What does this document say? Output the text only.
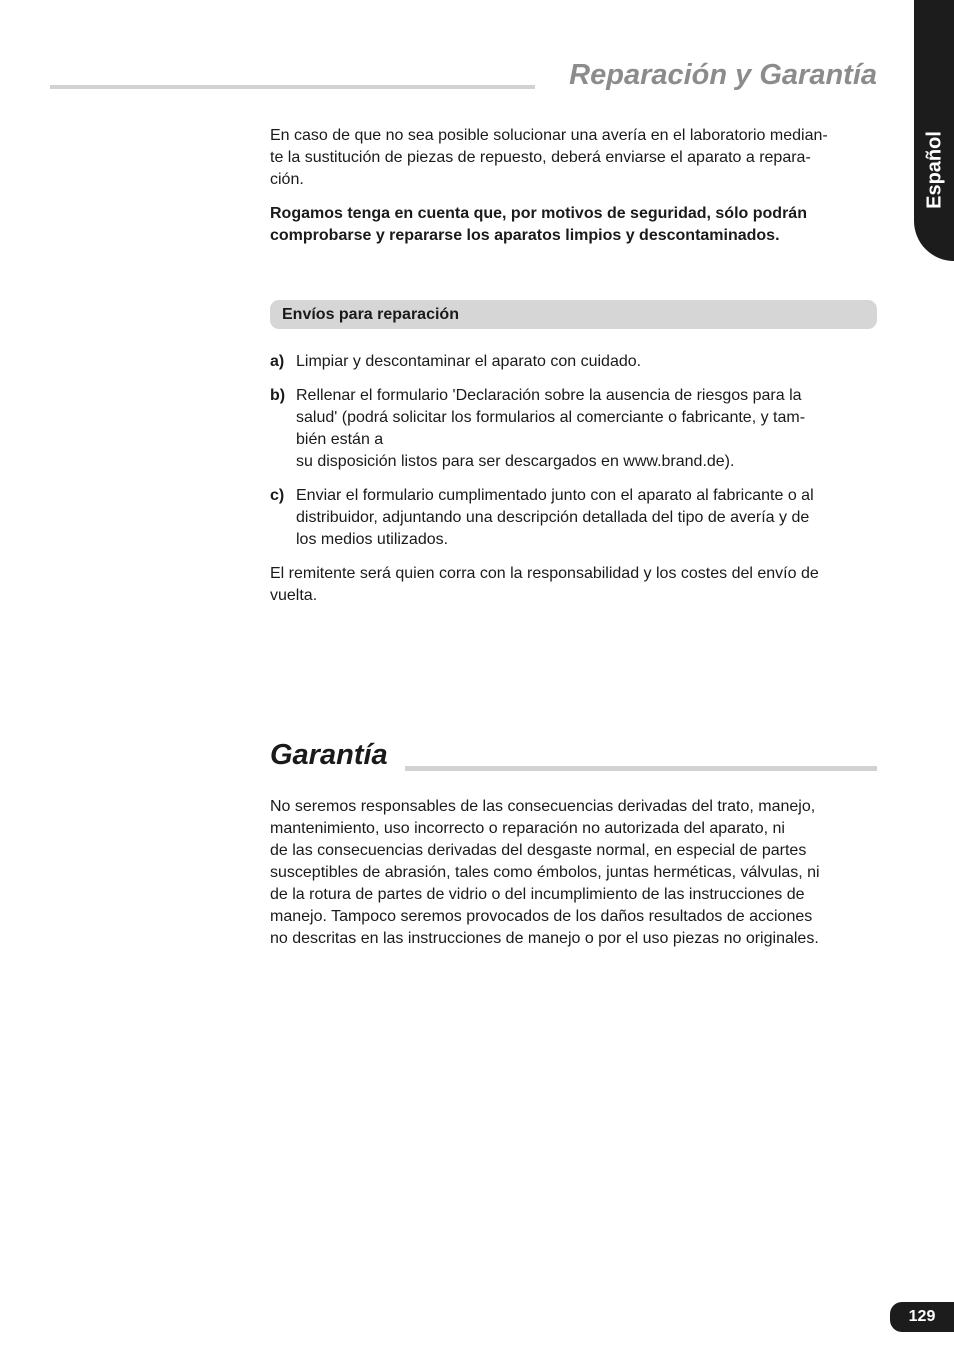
Reparación y Garantía
Español

En caso de que no sea posible solucionar una avería en el laboratorio median-
te la sustitución de piezas de repuesto, deberá enviarse el aparato a repara-
ción.

Rogamos tenga en cuenta que, por motivos de seguridad, sólo podrán
comprobarse y repararse los aparatos limpios y descontaminados.

Envíos para reparación
a) Limpiar y descontaminar el aparato con cuidado.
b) Rellenar el formulario 'Declaración sobre la ausencia de riesgos para la
salud' (podrá solicitar los formularios al comerciante o fabricante, y tam-
bién están a
su disposición listos para ser descargados en www.brand.de).
c) Enviar el formulario cumplimentado junto con el aparato al fabricante o al
distribuidor, adjuntando una descripción detallada del tipo de avería y de
los medios utilizados.

El remitente será quien corra con la responsabilidad y los costes del envío de
vuelta.

Garantía

No seremos responsables de las consecuencias derivadas del trato, manejo,
mantenimiento, uso incorrecto o reparación no autorizada del aparato, ni
de las consecuencias derivadas del desgaste normal, en especial de partes
susceptibles de abrasión, tales como émbolos, juntas herméticas, válvulas, ni
de la rotura de partes de vidrio o del incumplimiento de las instrucciones de
manejo. Tampoco seremos provocados de los daños resultados de acciones
no descritas en las instrucciones de manejo o por el uso piezas no originales.

129
